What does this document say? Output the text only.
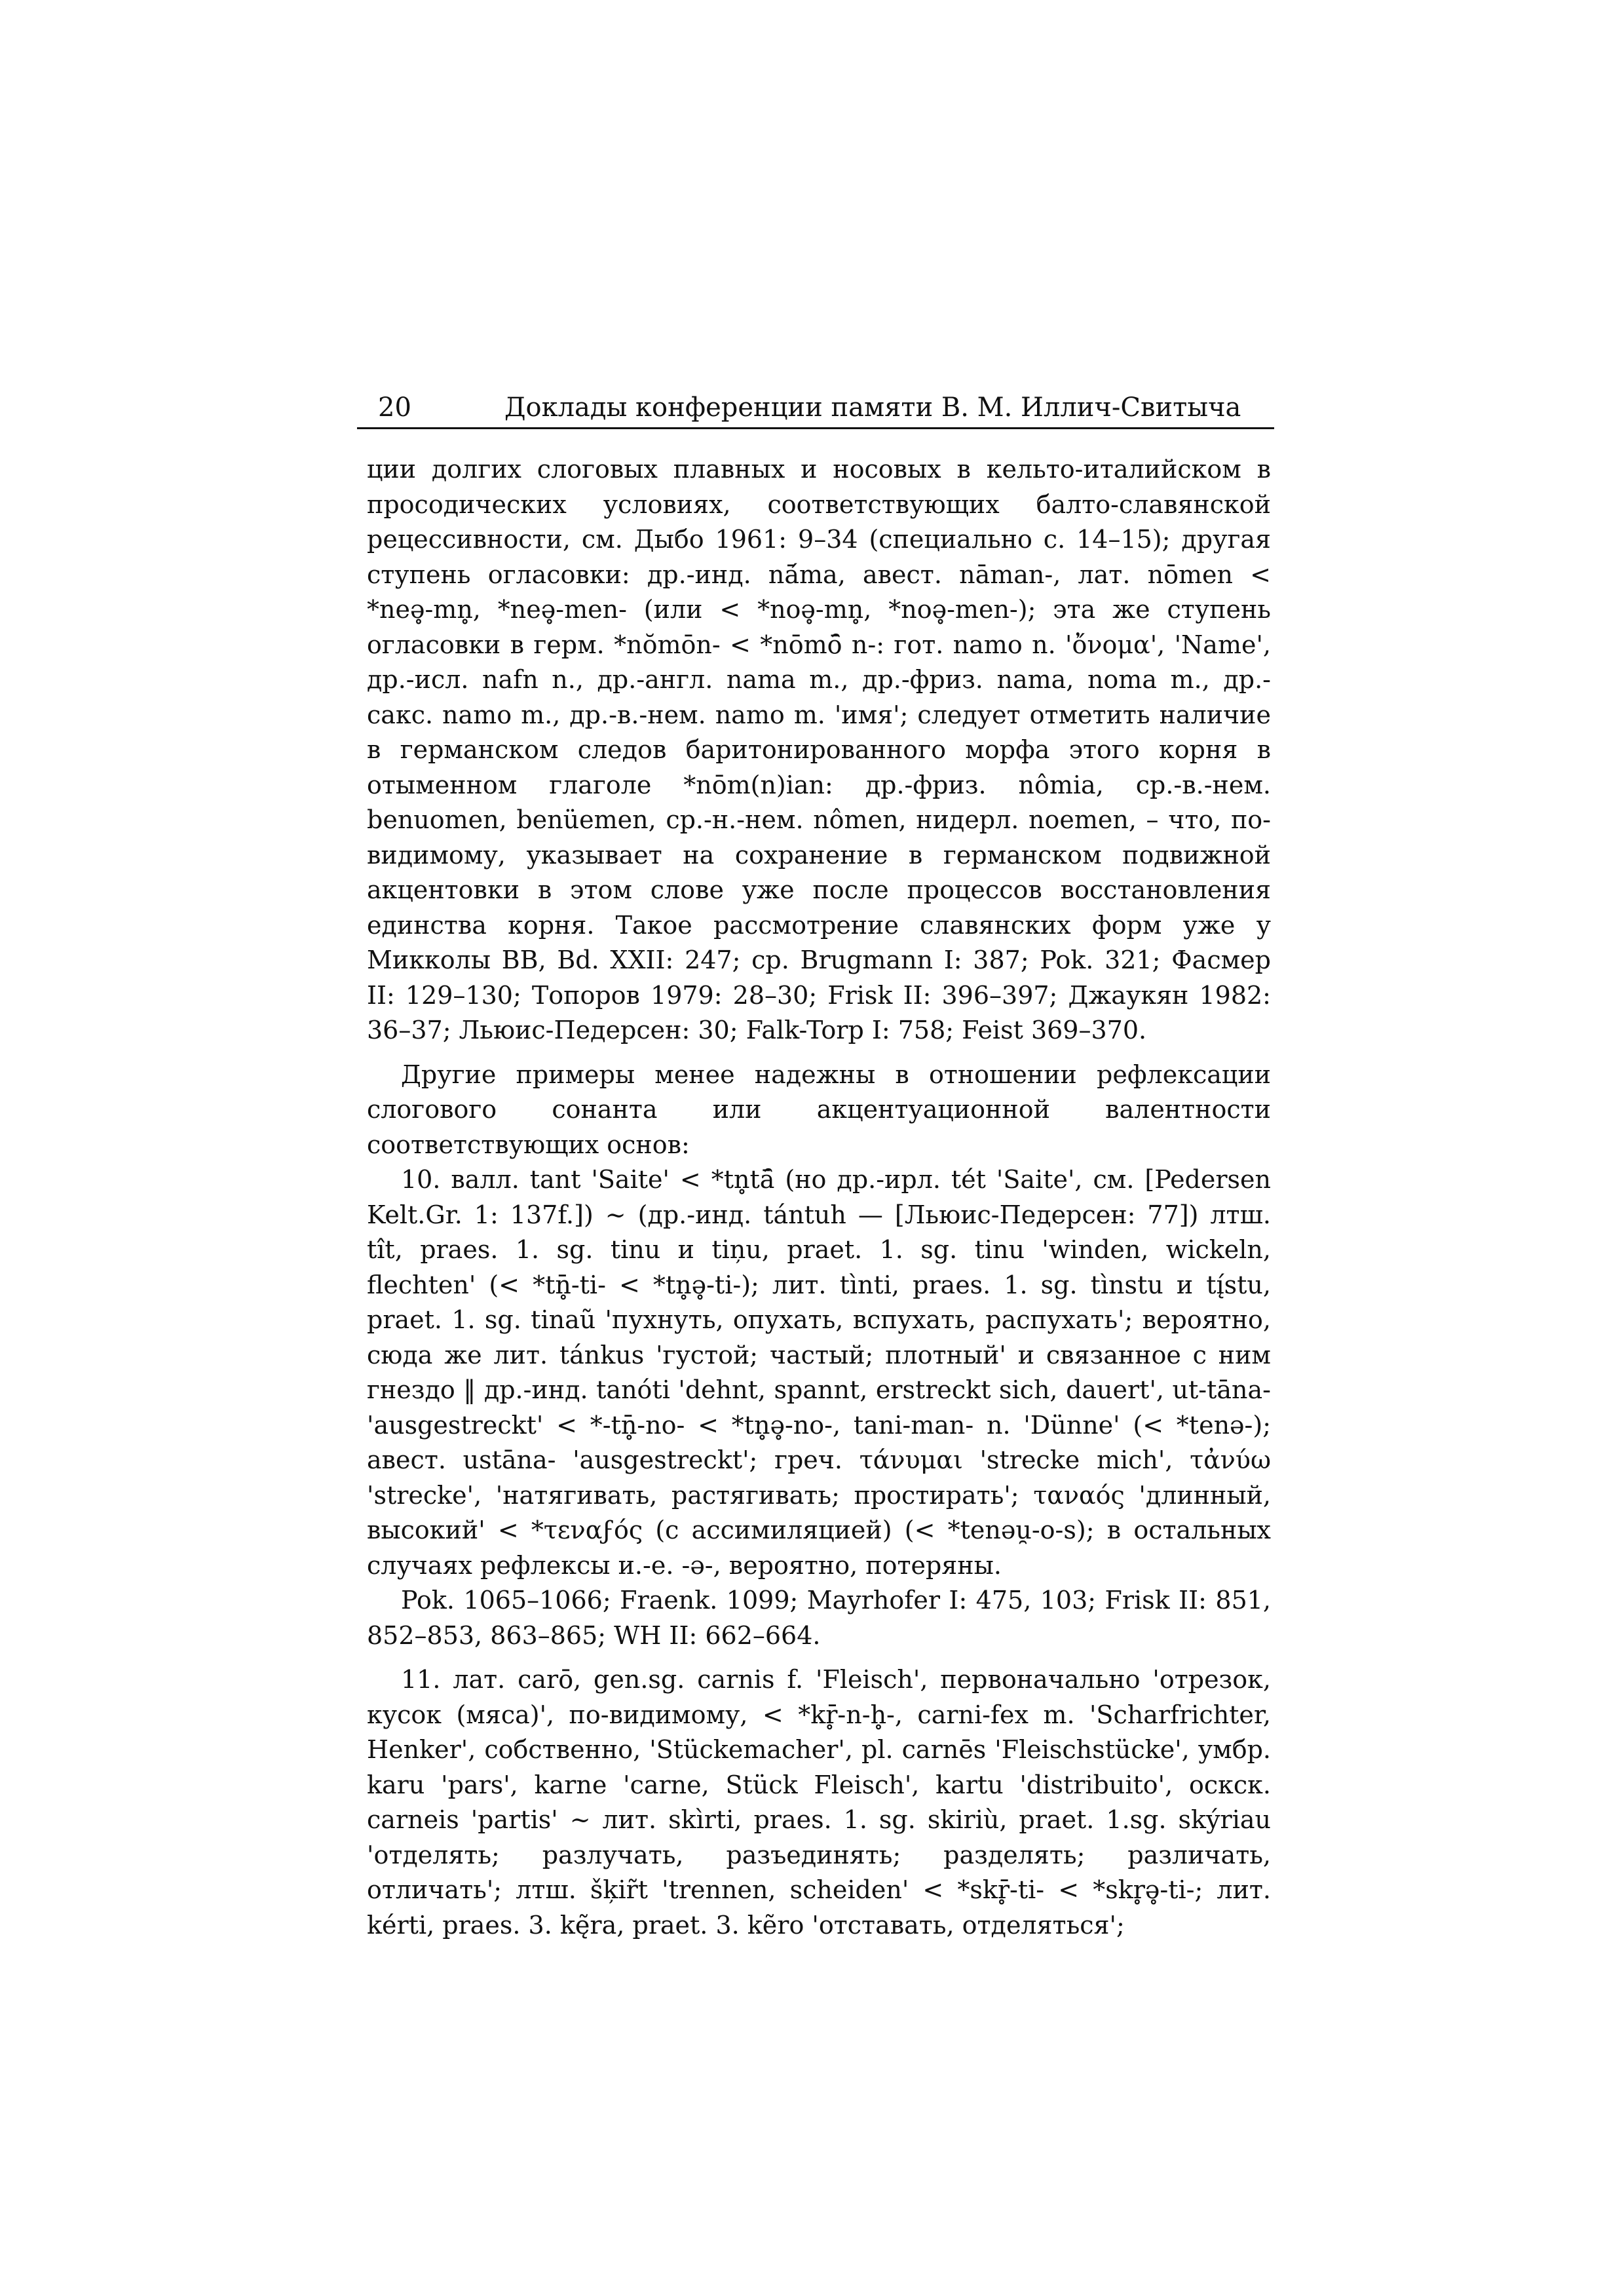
20	Доклады конференции памяти В. М. Иллич-Свитыча

ции долгих слоговых плавных и носовых в кельто-италийском в просодических условиях, соответствующих балто-славянской рецессивности, см. Дыбо 1961: 9–34 (специально с. 14–15); другая ступень огласовки: др.-инд. nā́ma, авест. nāman-, лат. nōmen < *neə̥-mn̥, *neə̥-men- (или < *noə̥-mn̥, *noə̥-men-); эта же ступень огласовки в герм. *nŏmōn- < *nōmō̑ n-: гот. namo n. 'ὄνομα', 'Name', др.-исл. nafn n., др.-англ. nama m., др.-фриз. nama, noma m., др.-сакс. namo m., др.-в.-нем. namo m. 'имя'; следует отметить наличие в германском следов баритонированного морфа этого корня в отыменном глаголе *nōm(n)ian: др.-фриз. nômia, ср.-в.-нем. benuomen, benüemen, ср.-н.-нем. nômen, нидерл. noemen, – что, по-видимому, указывает на сохранение в германском подвижной акцентовки в этом слове уже после процессов восстановления единства корня. Такое рассмотрение славянских форм уже у Микколы BB, Bd. XXII: 247; ср. Brugmann I: 387; Pok. 321; Фасмер II: 129–130; Топоров 1979: 28–30; Frisk II: 396–397; Джаукян 1982: 36–37; Льюис-Педерсен: 30; Falk-Torp I: 758; Feist 369–370.

Другие примеры менее надежны в отношении рефлексации слогового сонанта или акцентуационной валентности соответствующих основ:

10. валл. tant 'Saite' < *tn̥tā̑ (но др.-ирл. tét 'Saite', см. [Pedersen Kelt.Gr. 1: 137f.]) ~ (др.-инд. tántuh — [Льюис-Педерсен: 77]) лтш. tît, praes. 1. sg. tinu и tiņu, praet. 1. sg. tinu 'winden, wickeln, flechten' (< *tn̥̄-ti- < *tn̥ə̥-ti-); лит. tìnti, praes. 1. sg. tìnstu и tį́stu, praet. 1. sg. tinaũ 'пухнуть, опухать, вспухать, распухать'; вероятно, сюда же лит. tánkus 'густой; частый; плотный' и связанное с ним гнездо ‖ др.-инд. tanóti 'dehnt, spannt, erstreckt sich, dauert', ut-tāna- 'ausgestreckt' < *-tn̥̄-no- < *tn̥ə̥-no-, tani-man- n. 'Dünne' (< *tenə-); авест. ustāna- 'ausgestreckt'; греч. τάνυμαι 'strecke mich', τἀνύω 'strecke', 'натягивать, растягивать; простирать'; ταναός 'длинный, высокий' < *τεναϝός (с ассимиляцией) (< *tenəu̯-o-s); в остальных случаях рефлексы и.-е. -ə-, вероятно, потеряны.

Pok. 1065–1066; Fraenk. 1099; Mayrhofer I: 475, 103; Frisk II: 851, 852–853, 863–865; WH II: 662–664.

11. лат. carō, gen.sg. carnis f. 'Fleisch', первоначально 'отрезок, кусок (мяса)', по-видимому, < *kr̥̄-n-h̥-, carni-fex m. 'Scharfrichter, Henker', собственно, 'Stückemacher', pl. carnēs 'Fleischstücke', умбр. karu 'pars', karne 'carne, Stück Fleisch', kartu 'distribuito', оскск. carneis 'partis' ~ лит. skìrti, praes. 1. sg. skiriù, praet. 1.sg. skýriau 'отделять; разлучать, разъединять; разделять; различать, отличать'; лтш. šķir̃t 'trennen, scheiden' < *skr̥̄-ti- < *skr̥ə̥-ti-; лит. kérti, praes. 3. kę̃ra, praet. 3. kẽro 'отставать, отделяться';
